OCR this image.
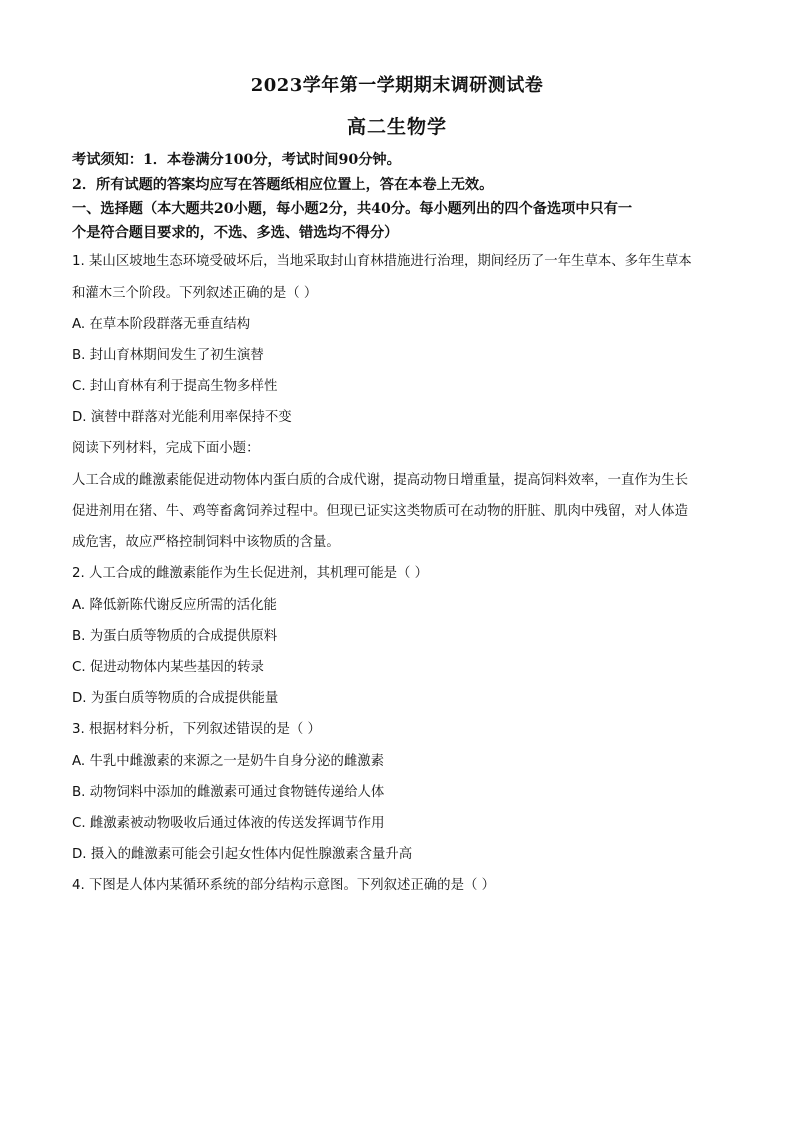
2023学年第一学期期末调研测试卷
高二生物学
考试须知：1．本卷满分100分，考试时间90分钟。
2．所有试题的答案均应写在答题纸相应位置上，答在本卷上无效。
一、选择题（本大题共20小题，每小题2分，共40分。每小题列出的四个备选项中只有一
个是符合题目要求的，不选、多选、错选均不得分）
1. 某山区坡地生态环境受破坏后，当地采取封山育林措施进行治理，期间经历了一年生草本、多年生草本
和灌木三个阶段。下列叙述正确的是（ ）
A. 在草本阶段群落无垂直结构
B. 封山育林期间发生了初生演替
C. 封山育林有利于提高生物多样性
D. 演替中群落对光能利用率保持不变
阅读下列材料，完成下面小题：
人工合成的雌激素能促进动物体内蛋白质的合成代谢，提高动物日增重量，提高饲料效率，一直作为生长
促进剂用在猪、牛、鸡等畜禽饲养过程中。但现已证实这类物质可在动物的肝脏、肌肉中残留，对人体造
成危害，故应严格控制饲料中该物质的含量。
2. 人工合成的雌激素能作为生长促进剂，其机理可能是（ ）
A. 降低新陈代谢反应所需的活化能
B. 为蛋白质等物质的合成提供原料
C. 促进动物体内某些基因的转录
D. 为蛋白质等物质的合成提供能量
3. 根据材料分析，下列叙述错误的是（ ）
A. 牛乳中雌激素的来源之一是奶牛自身分泌的雌激素
B. 动物饲料中添加的雌激素可通过食物链传递给人体
C. 雌激素被动物吸收后通过体液的传送发挥调节作用
D. 摄入的雌激素可能会引起女性体内促性腺激素含量升高
4. 下图是人体内某循环系统的部分结构示意图。下列叙述正确的是（ ）
